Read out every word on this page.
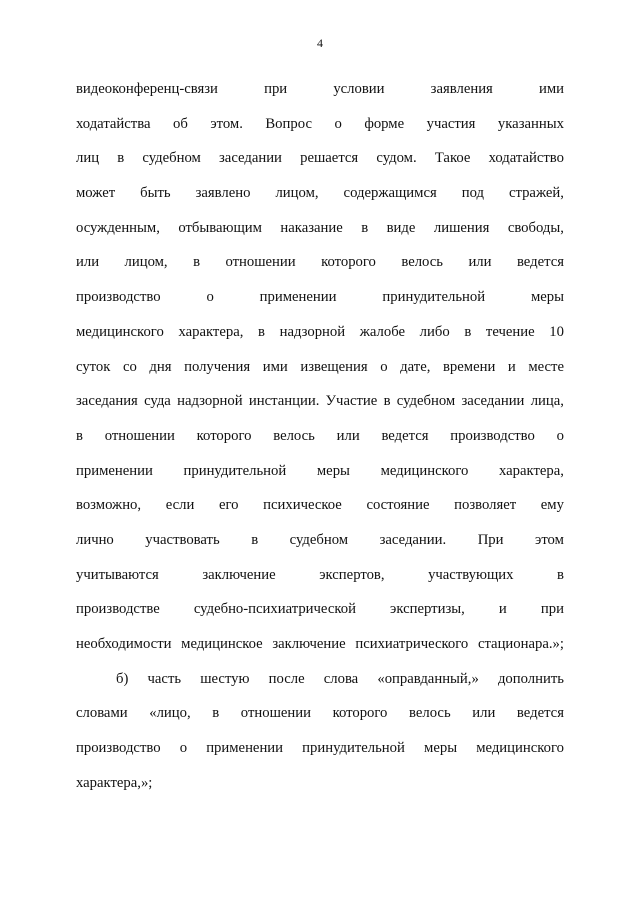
4
видеоконференц-связи	при	условии	заявления	ими
ходатайства об этом. Вопрос о форме участия указанных
лиц в судебном заседании решается судом. Такое ходатайство
может быть заявлено лицом, содержащимся под стражей,
осужденным, отбывающим наказание в виде лишения свободы,
или лицом, в отношении которого велось или ведется
производство	о	применении	принудительной	меры
медицинского характера, в надзорной жалобе либо в течение 10
суток со дня получения ими извещения о дате, времени и месте
заседания суда надзорной инстанции. Участие в судебном заседании лица,
в отношении которого велось или ведется производство о
применении принудительной меры медицинского характера,
возможно, если его психическое состояние позволяет ему
лично участвовать в судебном заседании. При этом
учитываются	заключение	экспертов,	участвующих	в
производстве судебно-психиатрической экспертизы, и при
необходимости медицинское заключение психиатрического стационара.»;
б) часть шестую после слова «оправданный,» дополнить
словами «лицо, в отношении которого велось или ведется
производство о применении принудительной меры медицинского
характера,»;
